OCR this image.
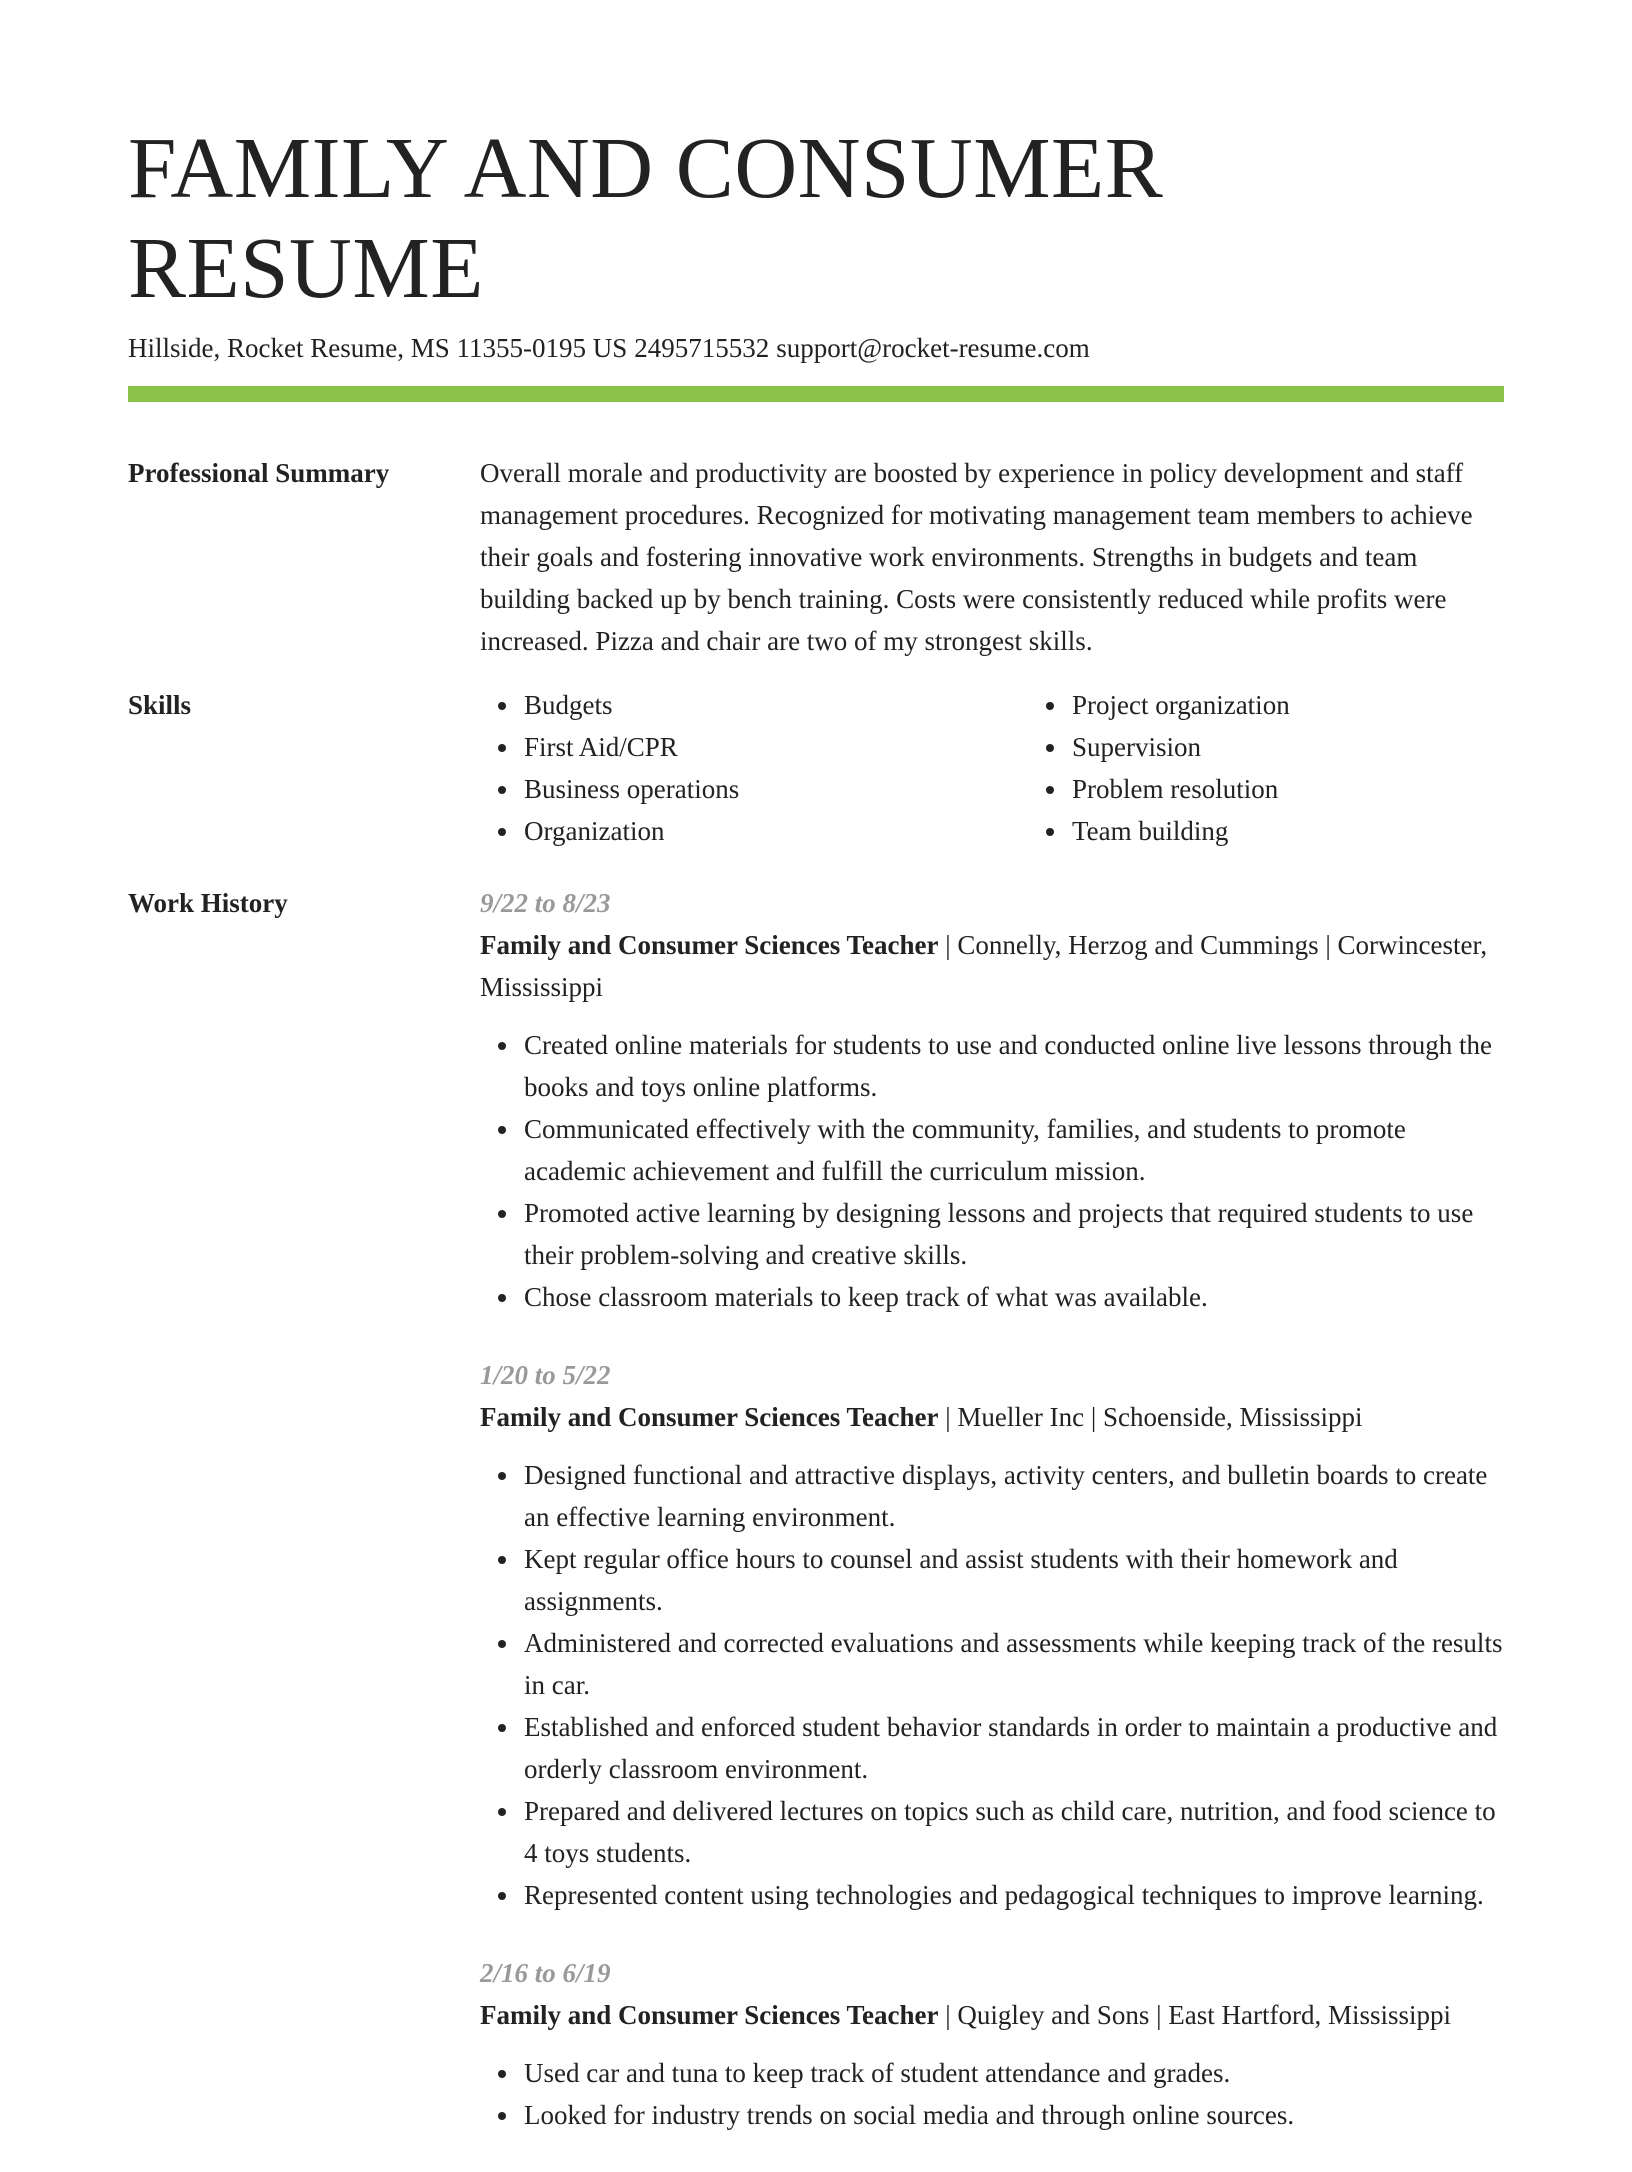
FAMILY AND CONSUMER RESUME
Hillside, Rocket Resume, MS 11355-0195 US 2495715532 support@rocket-resume.com
Professional Summary	Overall morale and productivity are boosted by experience in policy development and staff management procedures. Recognized for motivating management team members to achieve their goals and fostering innovative work environments. Strengths in budgets and team building backed up by bench training. Costs were consistently reduced while profits were increased. Pizza and chair are two of my strongest skills.

Skills	Budgets
First Aid/CPR
Business operations
Organization
Project organization
Supervision
Problem resolution
Team building
Work History	9/22 to 8/23
Family and Consumer Sciences Teacher | Connelly, Herzog and Cummings | Corwincester, Mississippi
Created online materials for students to use and conducted online live lessons through the books and toys online platforms.
Communicated effectively with the community, families, and students to promote academic achievement and fulfill the curriculum mission.
Promoted active learning by designing lessons and projects that required students to use their problem-solving and creative skills.
Chose classroom materials to keep track of what was available.
1/20 to 5/22
Family and Consumer Sciences Teacher | Mueller Inc | Schoenside, Mississippi
Designed functional and attractive displays, activity centers, and bulletin boards to create an effective learning environment.
Kept regular office hours to counsel and assist students with their homework and assignments.
Administered and corrected evaluations and assessments while keeping track of the results in car.
Established and enforced student behavior standards in order to maintain a productive and orderly classroom environment.
Prepared and delivered lectures on topics such as child care, nutrition, and food science to 4 toys students.
Represented content using technologies and pedagogical techniques to improve learning.
2/16 to 6/19
Family and Consumer Sciences Teacher | Quigley and Sons | East Hartford, Mississippi
Used car and tuna to keep track of student attendance and grades.
Looked for industry trends on social media and through online sources.
